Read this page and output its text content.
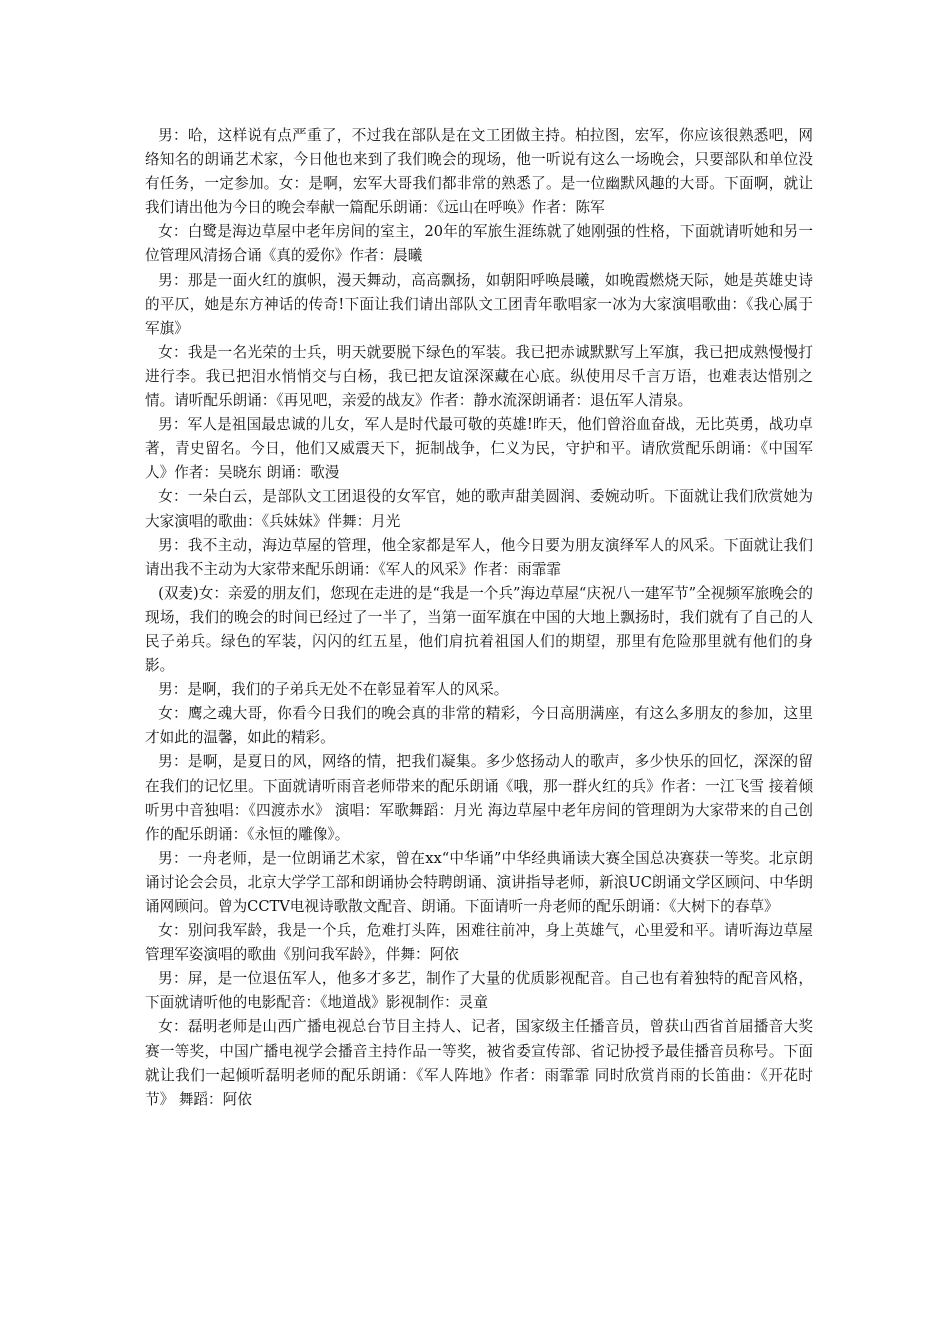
男：哈，这样说有点严重了，不过我在部队是在文工团做主持。柏拉图，宏军，你应该很熟悉吧，网络知名的朗诵艺术家，今日他也来到了我们晚会的现场，他一听说有这么一场晚会，只要部队和单位没有任务，一定参加。女：是啊，宏军大哥我们都非常的熟悉了。是一位幽默风趣的大哥。下面啊，就让我们请出他为今日的晚会奉献一篇配乐朗诵：《远山在呼唤》作者：陈军

女：白鹭是海边草屋中老年房间的室主，20年的军旅生涯练就了她刚强的性格，下面就请听她和另一位管理风清扬合诵《真的爱你》作者：晨曦

男：那是一面火红的旗帜，漫天舞动，高高飘扬，如朝阳呼唤晨曦，如晚霞燃烧天际，她是英雄史诗的平仄，她是东方神话的传奇!下面让我们请出部队文工团青年歌唱家一冰为大家演唱歌曲：《我心属于军旗》

女：我是一名光荣的士兵，明天就要脱下绿色的军装。我已把赤诚默默写上军旗，我已把成熟慢慢打进行李。我已把泪水悄悄交与白杨，我已把友谊深深藏在心底。纵使用尽千言万语，也难表达惜别之情。请听配乐朗诵：《再见吧，亲爱的战友》作者：静水流深朗诵者：退伍军人清泉。

男：军人是祖国最忠诚的儿女，军人是时代最可敬的英雄!昨天，他们曾浴血奋战，无比英勇，战功卓著，青史留名。今日，他们又威震天下，扼制战争，仁义为民，守护和平。请欣赏配乐朗诵：《中国军人》作者：吴晓东 朗诵：歌漫

女：一朵白云，是部队文工团退役的女军官，她的歌声甜美圆润、委婉动听。下面就让我们欣赏她为大家演唱的歌曲：《兵妹妹》伴舞：月光

男：我不主动，海边草屋的管理，他全家都是军人，他今日要为朋友演绎军人的风采。下面就让我们请出我不主动为大家带来配乐朗诵：《军人的风采》作者：雨霏霏

(双麦)女：亲爱的朋友们，您现在走进的是“我是一个兵”海边草屋“庆祝八一建军节”全视频军旅晚会的现场，我们的晚会的时间已经过了一半了，当第一面军旗在中国的大地上飘扬时，我们就有了自己的人民子弟兵。绿色的军装，闪闪的红五星，他们肩抗着祖国人们的期望，那里有危险那里就有他们的身影。

男：是啊，我们的子弟兵无处不在彰显着军人的风采。

女：鹰之魂大哥，你看今日我们的晚会真的非常的精彩，今日高朋满座，有这么多朋友的参加，这里才如此的温馨，如此的精彩。

男：是啊，是夏日的风，网络的情，把我们凝集。多少悠扬动人的歌声，多少快乐的回忆，深深的留在我们的记忆里。下面就请听雨音老师带来的配乐朗诵《哦，那一群火红的兵》作者：一江飞雪 接着倾听男中音独唱：《四渡赤水》 演唱：军歌舞蹈：月光 海边草屋中老年房间的管理朗为大家带来的自己创作的配乐朗诵：《永恒的雕像》。

男：一舟老师，是一位朗诵艺术家，曾在xx“中华诵”中华经典诵读大赛全国总决赛获一等奖。北京朗诵讨论会会员，北京大学学工部和朗诵协会特聘朗诵、演讲指导老师，新浪UC朗诵文学区顾问、中华朗诵网顾问。曾为CCTV电视诗歌散文配音、朗诵。下面请听一舟老师的配乐朗诵：《大树下的春草》

女：别问我军龄，我是一个兵，危难打头阵，困难往前冲，身上英雄气，心里爱和平。请听海边草屋管理军姿演唱的歌曲《别问我军龄》，伴舞：阿依

男：屏，是一位退伍军人，他多才多艺，制作了大量的优质影视配音。自己也有着独特的配音风格，下面就请听他的电影配音：《地道战》影视制作：灵童

女：磊明老师是山西广播电视总台节目主持人、记者，国家级主任播音员，曾获山西省首届播音大奖赛一等奖，中国广播电视学会播音主持作品一等奖，被省委宣传部、省记协授予最佳播音员称号。下面就让我们一起倾听磊明老师的配乐朗诵：《军人阵地》作者：雨霏霏 同时欣赏肖雨的长笛曲：《开花时节》 舞蹈：阿依
